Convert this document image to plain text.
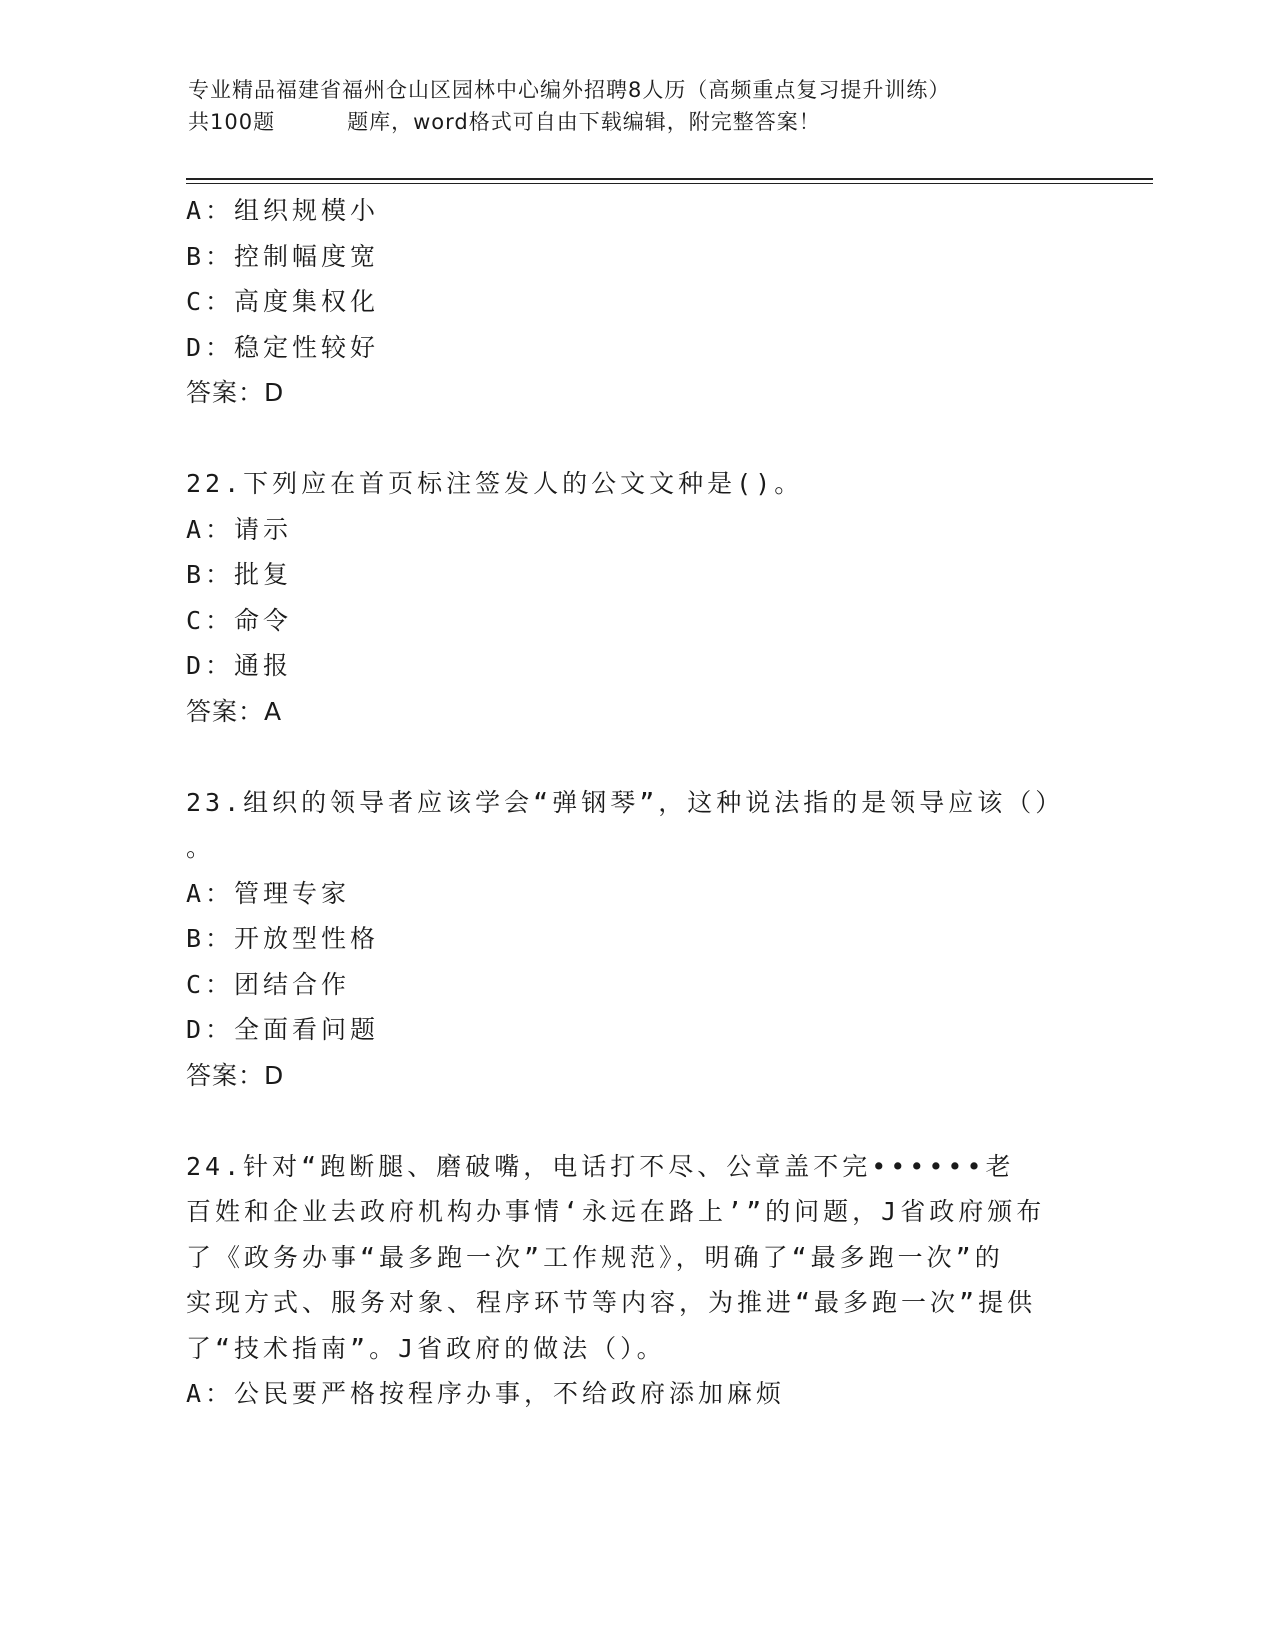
专业精品福建省福州仓山区园林中心编外招聘8人历（高频重点复习提升训练）
共100题	题库，word格式可自由下载编辑，附完整答案！
A：组织规模小
B：控制幅度宽
C：高度集权化
D：稳定性较好
答案：D
22.下列应在首页标注签发人的公文文种是()。
A：请示
B：批复
C：命令
D：通报
答案：A
23.组织的领导者应该学会“弹钢琴”，这种说法指的是领导应该（）
。
A：管理专家
B：开放型性格
C：团结合作
D：全面看问题
答案：D
24.针对“跑断腿、磨破嘴，电话打不尽、公章盖不完••••••老
百姓和企业去政府机构办事情‘永远在路上’”的问题，J省政府颁布
了《政务办事“最多跑一次”工作规范》，明确了“最多跑一次”的
实现方式、服务对象、程序环节等内容，为推进“最多跑一次”提供
了“技术指南”。J省政府的做法（）。
A：公民要严格按程序办事，不给政府添加麻烦
